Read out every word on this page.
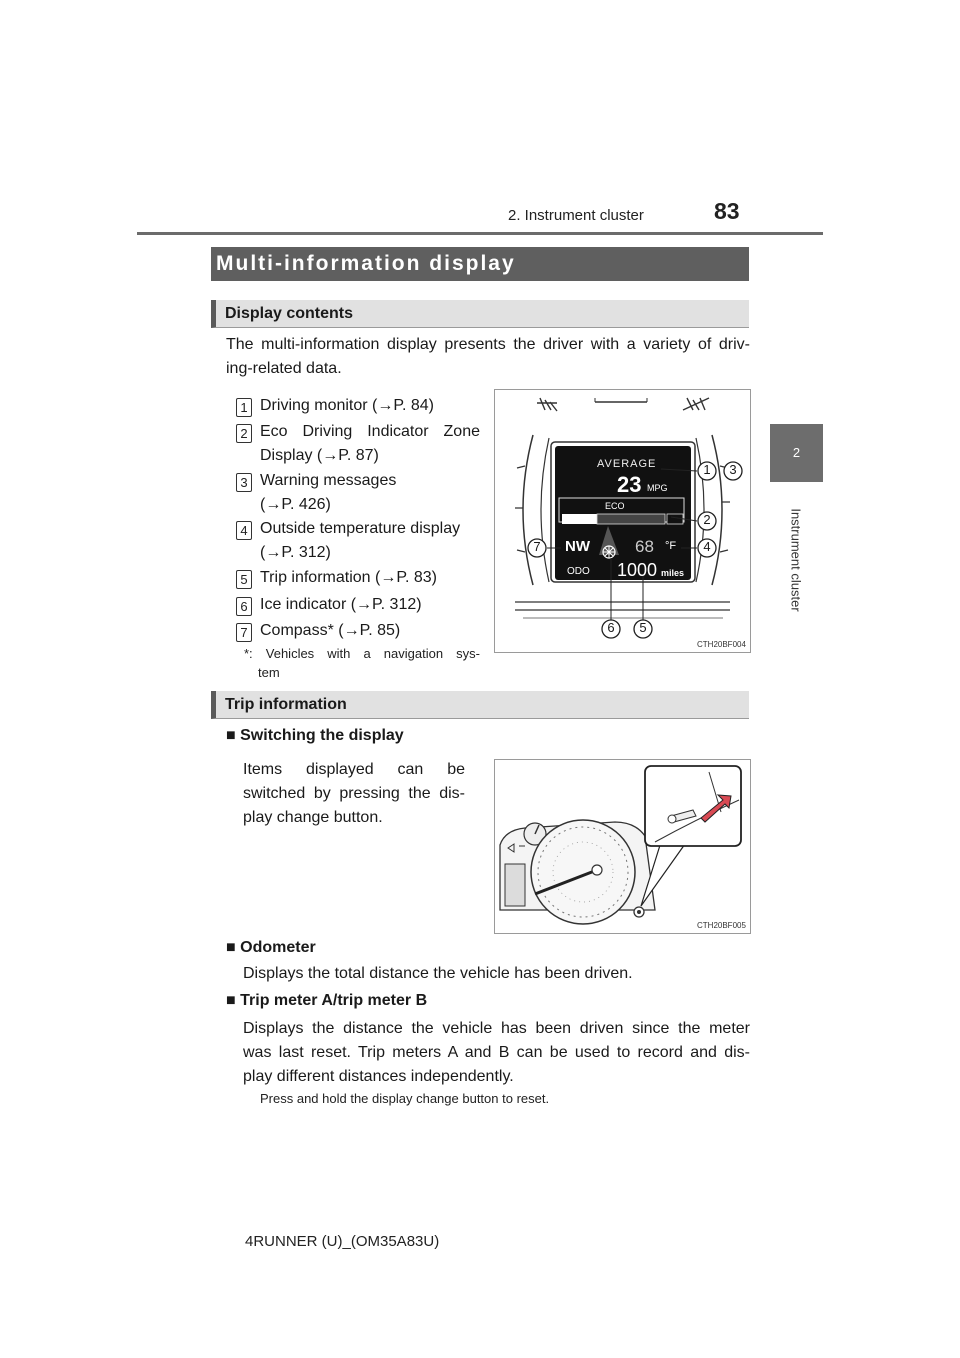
2. Instrument cluster	83
2
Instrument cluster
Multi-information display
Display contents
The multi-information display presents the driver with a variety of driv-
ing-related data.
1 Driving monitor (→P. 84)
2 Eco Driving Indicator Zone
Display (→P. 87)
3 Warning messages
(→P. 426)
4 Outside temperature display
(→P. 312)
5 Trip information (→P. 83)
6 Ice indicator (→P. 312)
7 Compass* (→P. 85)
*: Vehicles with a navigation sys-
tem
AVERAGE
23 MPG
ECO
NW	68 °F
ODO 1000 miles
1
2
3
4
5
6
7
CTH20BF004
Trip information
■ Switching the display
Items displayed can be
switched by pressing the dis-
play change button.
CTH20BF005
■ Odometer
Displays the total distance the vehicle has been driven.
■ Trip meter A/trip meter B
Displays the distance the vehicle has been driven since the meter
was last reset. Trip meters A and B can be used to record and dis-
play different distances independently.
Press and hold the display change button to reset.
4RUNNER (U)_(OM35A83U)
